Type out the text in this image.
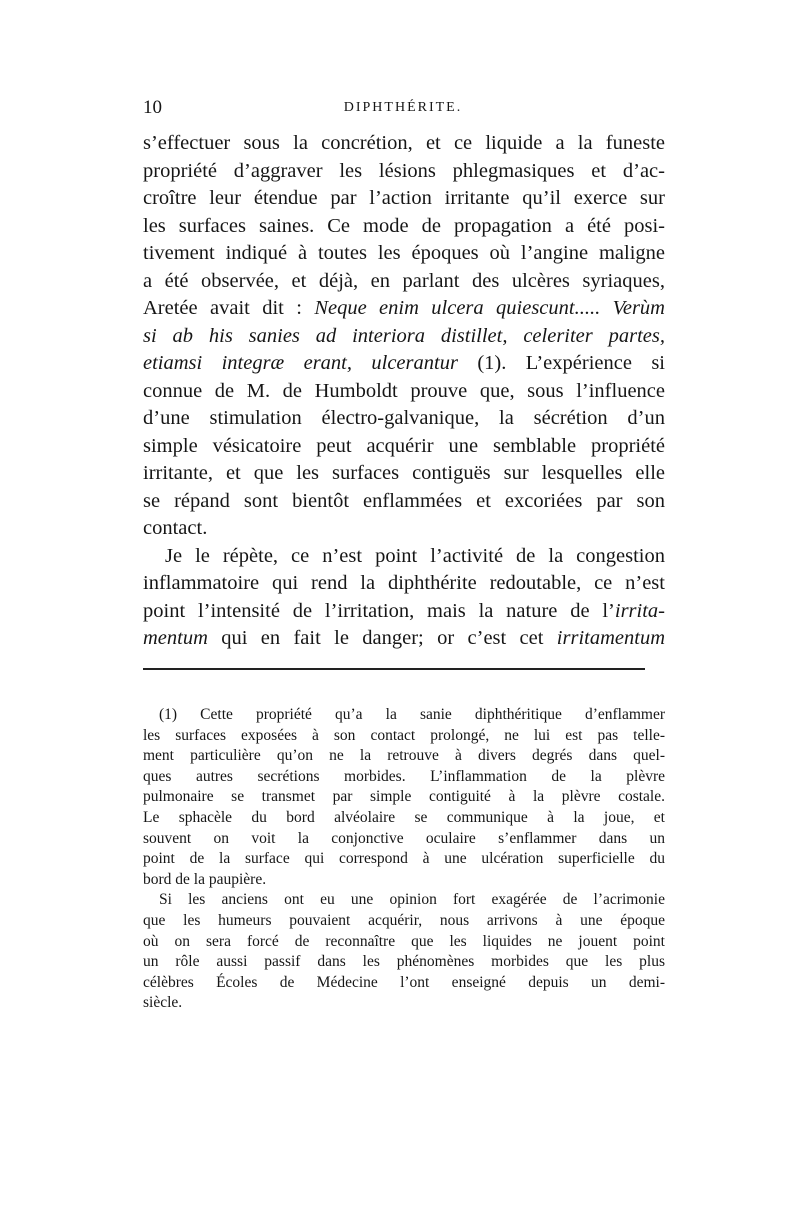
10	DIPHTHÉRITE.
s’effectuer sous la concrétion, et ce liquide a la funeste
propriété d’aggraver les lésions phlegmasiques et d’ac-
croître leur étendue par l’action irritante qu’il exerce sur
les surfaces saines. Ce mode de propagation a été posi-
tivement indiqué à toutes les époques où l’angine maligne
a été observée, et déjà, en parlant des ulcères syriaques,
Aretée avait dit : Neque enim ulcera quiescunt..... Verùm
si ab his sanies ad interiora distillet, celeriter partes,
etiamsi integræ erant, ulcerantur (1). L’expérience si
connue de M. de Humboldt prouve que, sous l’influence
d’une stimulation électro-galvanique, la sécrétion d’un
simple vésicatoire peut acquérir une semblable propriété
irritante, et que les surfaces contiguës sur lesquelles elle
se répand sont bientôt enflammées et excoriées par son
contact.
Je le répète, ce n’est point l’activité de la congestion
inflammatoire qui rend la diphthérite redoutable, ce n’est
point l’intensité de l’irritation, mais la nature de l’irrita-
mentum qui en fait le danger; or c’est cet irritamentum
(1) Cette propriété qu’a la sanie diphthéritique d’enflammer
les surfaces exposées à son contact prolongé, ne lui est pas telle-
ment particulière qu’on ne la retrouve à divers degrés dans quel-
ques autres secrétions morbides. L’inflammation de la plèvre
pulmonaire se transmet par simple contiguité à la plèvre costale.
Le sphacèle du bord alvéolaire se communique à la joue, et
souvent on voit la conjonctive oculaire s’enflammer dans un
point de la surface qui correspond à une ulcération superficielle du
bord de la paupière.
Si les anciens ont eu une opinion fort exagérée de l’acrimonie
que les humeurs pouvaient acquérir, nous arrivons à une époque
où on sera forcé de reconnaître que les liquides ne jouent point
un rôle aussi passif dans les phénomènes morbides que les plus
célèbres Écoles de Médecine l’ont enseigné depuis un demi-
siècle.
